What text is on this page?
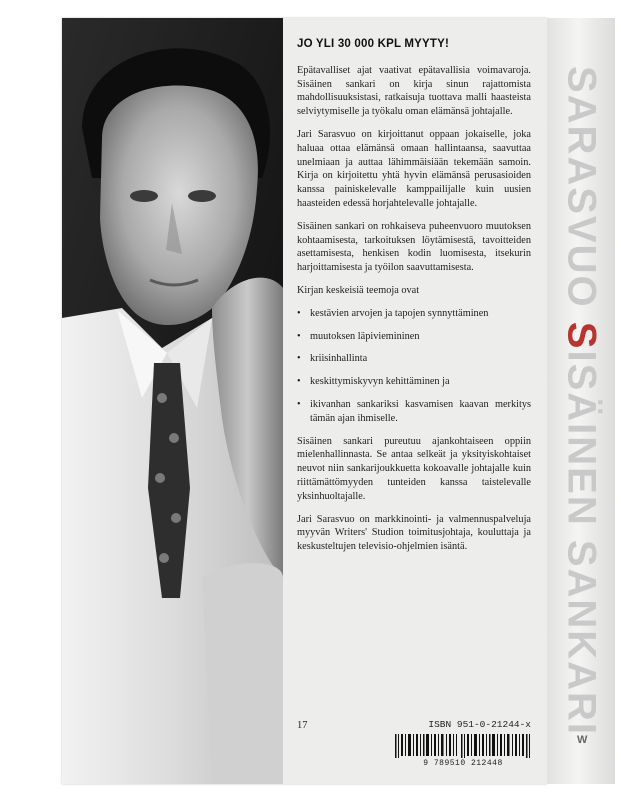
JO YLI 30 000 KPL MYYTY!

Epätavalliset ajat vaativat epätavallisia voimavaroja. Sisäinen sankari on kirja sinun rajattomista mahdollisuuksistasi, ratkaisuja tuottava malli haasteista selviytymiselle ja työkalu oman elämänsä johtajalle.

Jari Sarasvuo on kirjoittanut oppaan jokaiselle, joka haluaa ottaa elämänsä omaan hallintaansa, saavuttaa unelmiaan ja auttaa lähimmäisiään tekemään samoin. Kirja on kirjoitettu yhtä hyvin elämänsä perusasioiden kanssa painiskelevalle kamppailijalle kuin uusien haasteiden edessä horjahtelevalle johtajalle.

Sisäinen sankari on rohkaiseva puheenvuoro muutoksen kohtaamisesta, tarkoituksen löytämisestä, tavoitteiden asettamisesta, henkisen kodin luomisesta, itsekurin harjoittamisesta ja työilon saavuttamisesta.

Kirjan keskeisiä teemoja ovat

• kestävien arvojen ja tapojen synnyttäminen
• muutoksen läpiviemininen
• kriisinhallinta
• keskittymiskyvyn kehittäminen ja
• ikivanhan sankariksi kasvamisen kaavan merkitys tämän ajan ihmiselle.

Sisäinen sankari pureutuu ajankohtaiseen oppiin mielenhallinnasta. Se antaa selkeät ja yksityiskohtaiset neuvot niin sankarijoukkuetta kokoavalle johtajalle kuin riittämättömyyden tunteiden kanssa taistelevalle yksinhuoltajalle.

Jari Sarasvuo on markkinointi- ja valmennuspalveluja myyvän Writers' Studion toimitusjohtaja, kouluttaja ja keskusteltujen televisio-ohjelmien isäntä.

17	ISBN 951-0-21244-x
9 789510 212448
SARASVUO SISÄINEN SANKARI
W
